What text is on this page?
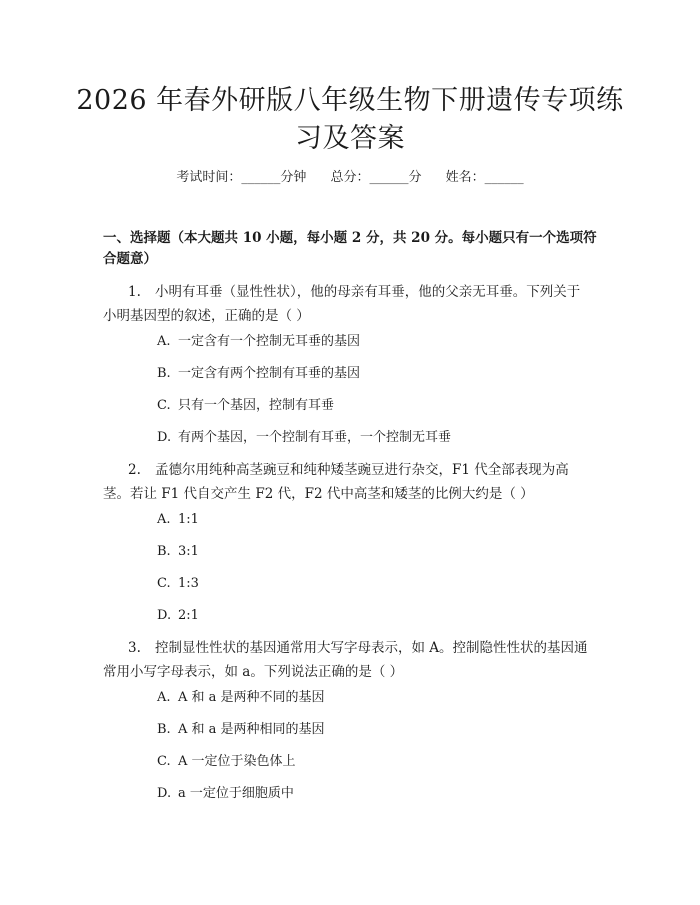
2026 年春外研版八年级生物下册遗传专项练
习及答案
考试时间：______分钟 总分：______分 姓名：______
一、选择题（本大题共 10 小题，每小题 2 分，共 20 分。每小题只有一个选项符
合题意）
1. 小明有耳垂（显性性状），他的母亲有耳垂，他的父亲无耳垂。下列关于
小明基因型的叙述，正确的是（ ）
A. 一定含有一个控制无耳垂的基因
B. 一定含有两个控制有耳垂的基因
C. 只有一个基因，控制有耳垂
D. 有两个基因，一个控制有耳垂，一个控制无耳垂
2. 孟德尔用纯种高茎豌豆和纯种矮茎豌豆进行杂交，F1 代全部表现为高
茎。若让 F1 代自交产生 F2 代，F2 代中高茎和矮茎的比例大约是（ ）
A. 1:1
B. 3:1
C. 1:3
D. 2:1
3. 控制显性性状的基因通常用大写字母表示，如 A。控制隐性性状的基因通
常用小写字母表示，如 a。下列说法正确的是（ ）
A. A 和 a 是两种不同的基因
B. A 和 a 是两种相同的基因
C. A 一定位于染色体上
D. a 一定位于细胞质中
